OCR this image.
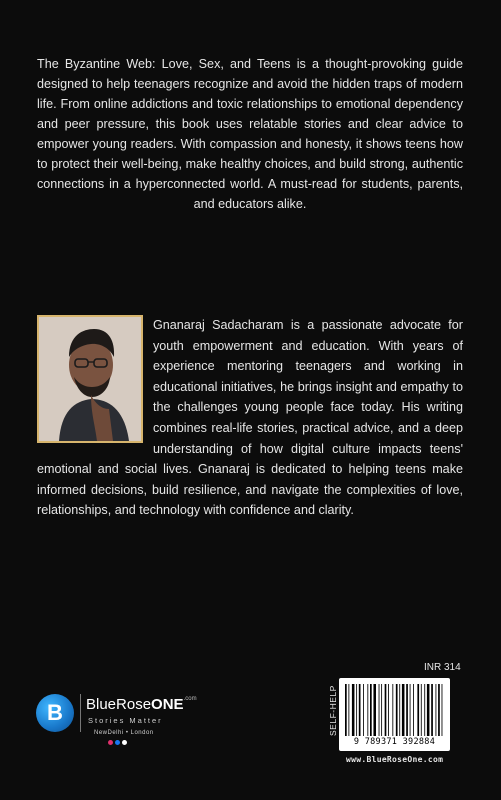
The Byzantine Web: Love, Sex, and Teens is a thought-provoking guide designed to help teenagers recognize and avoid the hidden traps of modern life. From online addictions and toxic relationships to emotional dependency and peer pressure, this book uses relatable stories and clear advice to empower young readers. With compassion and honesty, it shows teens how to protect their well-being, make healthy choices, and build strong, authentic connections in a hyperconnected world. A must-read for students, parents, and educators alike.

Gnanaraj Sadacharam is a passionate advocate for youth empowerment and education. With years of experience mentoring teenagers and working in educational initiatives, he brings insight and empathy to the challenges young people face today. His writing combines real-life stories, practical advice, and a deep understanding of how digital culture impacts teens' emotional and social lives. Gnanaraj is dedicated to helping teens make informed decisions, build resilience, and navigate the complexities of love, relationships, and technology with confidence and clarity.

B	BlueRoseONE$^{.com}$
Stories Matter
NewDelhi • London
INR 314
SELF-HELP
9 789371 392884
www.BlueRoseOne.com
